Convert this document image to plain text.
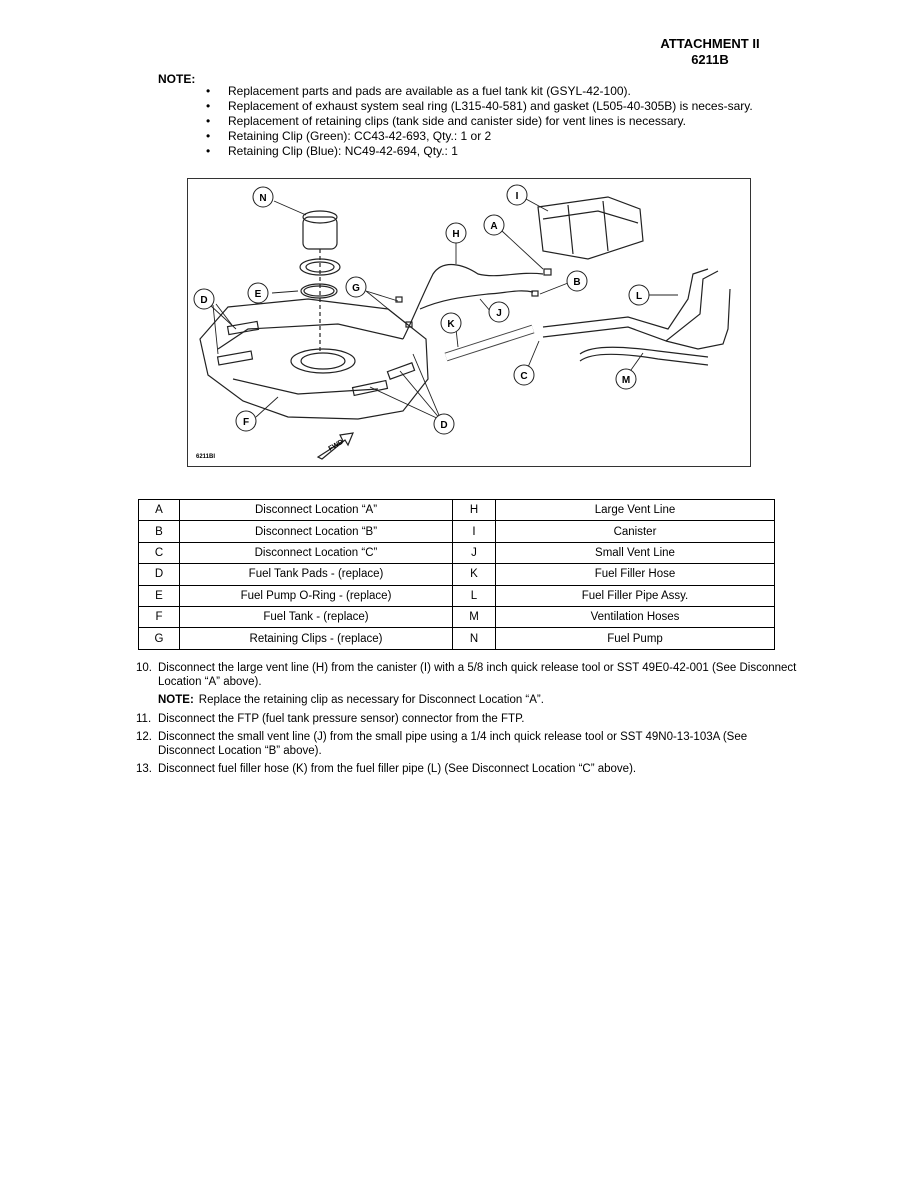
ATTACHMENT II
6211B
NOTE:
• Replacement parts and pads are available as a fuel tank kit (GSYL-42-100).
• Replacement of exhaust system seal ring (L315-40-581) and gasket (L505-40-305B) is neces-sary.
• Replacement of retaining clips (tank side and canister side) for vent lines is necessary.
• Retaining Clip (Green): CC43-42-693, Qty.: 1 or 2
• Retaining Clip (Blue): NC49-42-694, Qty.: 1
N
E
D
F	D
G
H
A
I
B
J
K
C
L
M
FWD
6211BI
A	Disconnect Location “A”	H	Large Vent Line
B	Disconnect Location “B”	I	Canister
C	Disconnect Location “C”	J	Small Vent Line
D	Fuel Tank Pads - (replace)	K	Fuel Filler Hose
E	Fuel Pump O-Ring - (replace)	L	Fuel Filler Pipe Assy.
F	Fuel Tank - (replace)	M	Ventilation Hoses
G	Retaining Clips - (replace)	N	Fuel Pump
10. Disconnect the large vent line (H) from the canister (I) with a 5/8 inch quick release tool or SST 49E0-42-001 (See Disconnect Location “A” above).
NOTE: Replace the retaining clip as necessary for Disconnect Location “A”.
11. Disconnect the FTP (fuel tank pressure sensor) connector from the FTP.
12. Disconnect the small vent line (J) from the small pipe using a 1/4 inch quick release tool or SST 49N0-13-103A (See Disconnect Location “B” above).
13. Disconnect fuel filler hose (K) from the fuel filler pipe (L) (See Disconnect Location “C” above).
